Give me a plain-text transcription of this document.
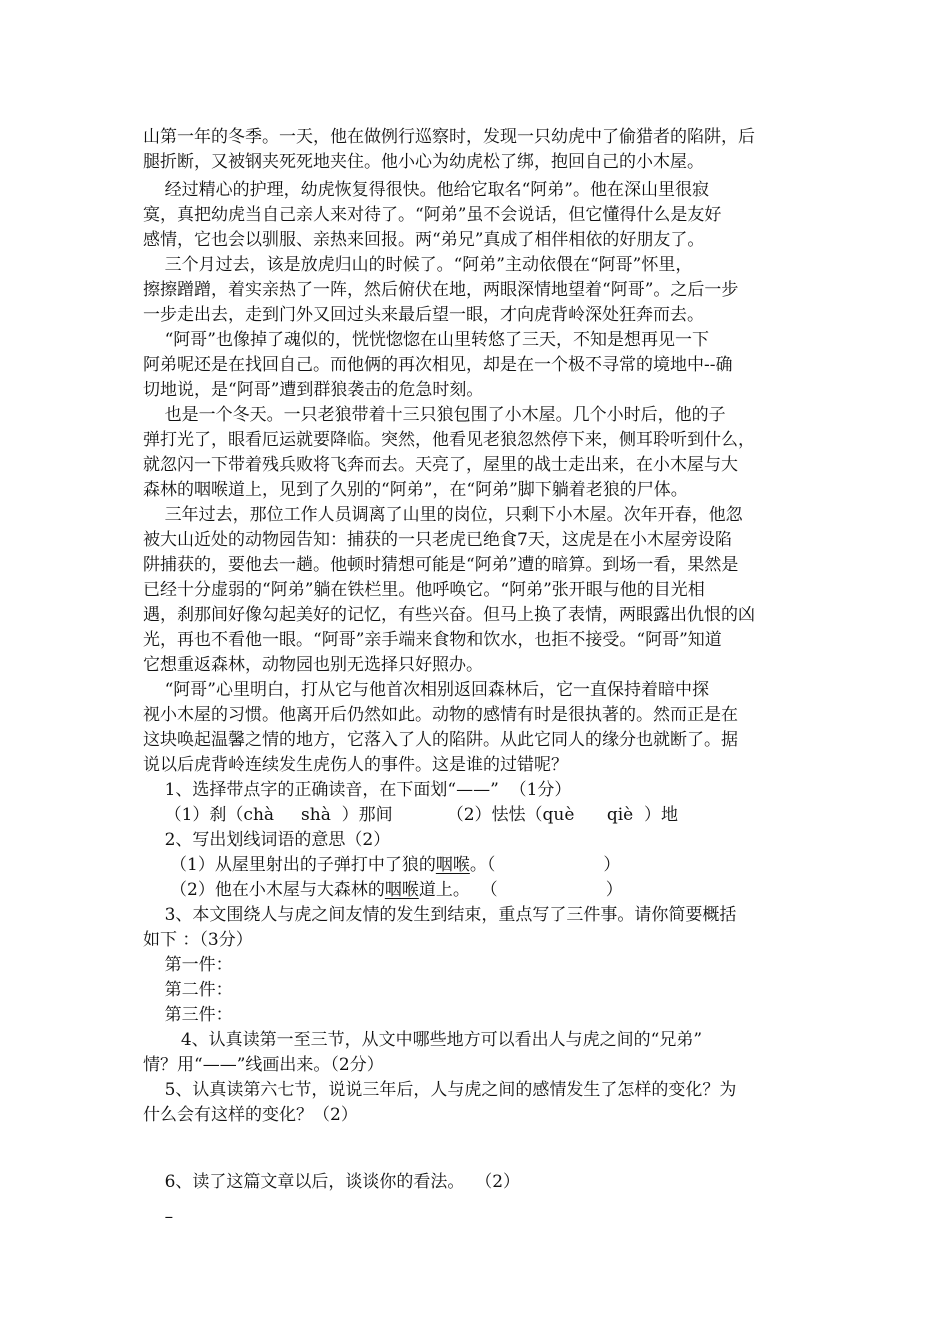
山第一年的冬季。一天，他在做例行巡察时，发现一只幼虎中了偷猎者的陷阱，后
腿折断，又被钢夹死死地夹住。他小心为幼虎松了绑，抱回自己的小木屋。
经过精心的护理，幼虎恢复得很快。他给它取名“阿弟”。他在深山里很寂
寞，真把幼虎当自己亲人来对待了。“阿弟”虽不会说话，但它懂得什么是友好
感情，它也会以驯服、亲热来回报。两“弟兄”真成了相伴相依的好朋友了。
三个月过去，该是放虎归山的时候了。“阿弟”主动依偎在“阿哥”怀里，
擦擦蹭蹭，着实亲热了一阵，然后俯伏在地，两眼深情地望着“阿哥”。之后一步
一步走出去，走到门外又回过头来最后望一眼，才向虎背岭深处狂奔而去。
“阿哥”也像掉了魂似的，恍恍惚惚在山里转悠了三天，不知是想再见一下
阿弟呢还是在找回自己。而他俩的再次相见，却是在一个极不寻常的境地中--确
切地说，是“阿哥”遭到群狼袭击的危急时刻。
也是一个冬天。一只老狼带着十三只狼包围了小木屋。几个小时后，他的子
弹打光了，眼看厄运就要降临。突然，他看见老狼忽然停下来，侧耳聆听到什么，
就忽闪一下带着残兵败将飞奔而去。天亮了，屋里的战士走出来，在小木屋与大
森林的咽喉道上，见到了久别的“阿弟”，在“阿弟”脚下躺着老狼的尸体。
三年过去，那位工作人员调离了山里的岗位，只剩下小木屋。次年开春，他忽
被大山近处的动物园告知：捕获的一只老虎已绝食7天，这虎是在小木屋旁设陷
阱捕获的，要他去一趟。他顿时猜想可能是“阿弟”遭的暗算。到场一看，果然是
已经十分虚弱的“阿弟”躺在铁栏里。他呼唤它。“阿弟”张开眼与他的目光相
遇，刹那间好像勾起美好的记忆，有些兴奋。但马上换了表情，两眼露出仇恨的凶
光，再也不看他一眼。“阿哥”亲手端来食物和饮水，也拒不接受。“阿哥”知道
它想重返森林，动物园也别无选择只好照办。
“阿哥”心里明白，打从它与他首次相别返回森林后，它一直保持着暗中探
视小木屋的习惯。他离开后仍然如此。动物的感情有时是很执著的。然而正是在
这块唤起温馨之情的地方，它落入了人的陷阱。从此它同人的缘分也就断了。据
说以后虎背岭连续发生虎伤人的事件。这是谁的过错呢？
1、选择带点字的正确读音，在下面划“——”  （1分）
（1）刹（chà     shà  ）那间          （2）怯怯（què      qiè  ）地
2、写出划线词语的意思（2）
（1）从屋里射出的子弹打中了狼的咽喉。（                    ）
（2）他在小木屋与大森林的咽喉道上。  （                    ）
3、本文围绕人与虎之间友情的发生到结束，重点写了三件事。请你简要概括
如下 ：（3分）
第一件：
第二件：
第三件：
4、认真读第一至三节，从文中哪些地方可以看出人与虎之间的“兄弟”
情？用“——”线画出来。（2分）
5、认真读第六七节，说说三年后，人与虎之间的感情发生了怎样的变化？为
什么会有这样的变化？（2）
6、读了这篇文章以后，谈谈你的看法。  （2）
–
